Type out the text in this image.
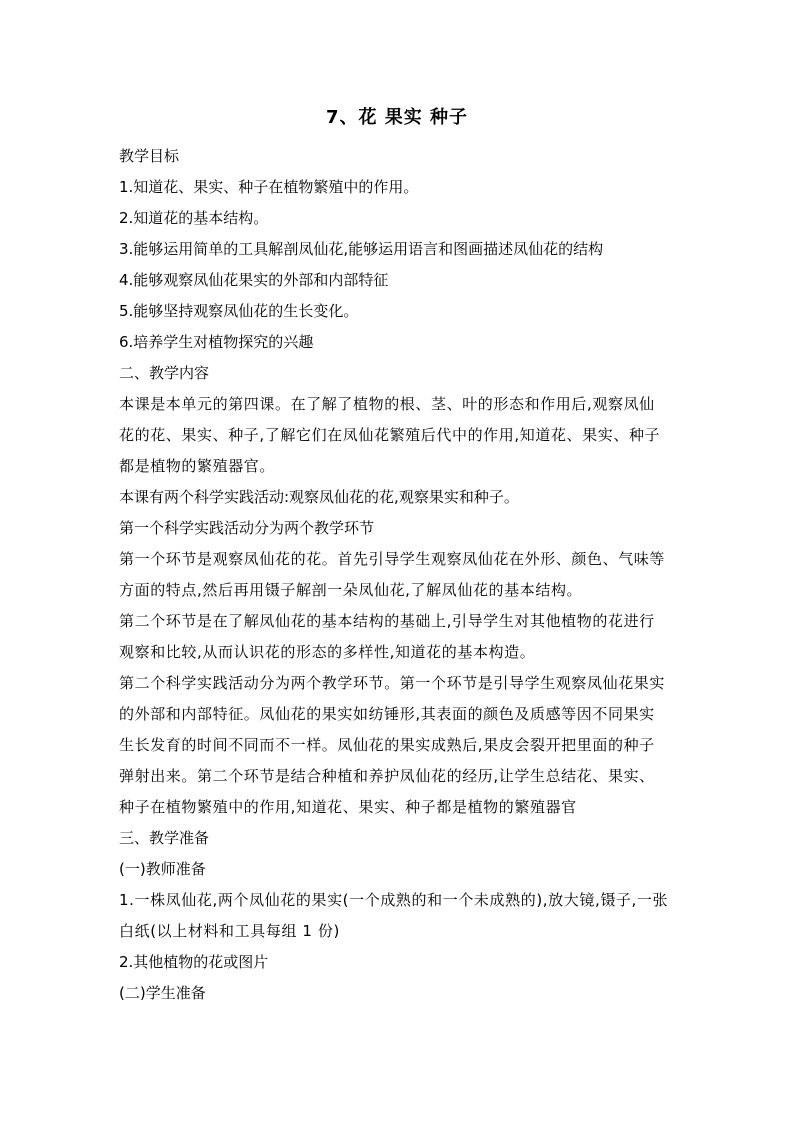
7、花 果实 种子
教学目标
1.知道花、果实、种子在植物繁殖中的作用。
2.知道花的基本结构。
3.能够运用简单的工具解剖凤仙花,能够运用语言和图画描述凤仙花的结构
4.能够观察凤仙花果实的外部和内部特征
5.能够坚持观察凤仙花的生长变化。
6.培养学生对植物探究的兴趣
二、教学内容
本课是本单元的第四课。在了解了植物的根、茎、叶的形态和作用后,观察凤仙
花的花、果实、种子,了解它们在凤仙花繁殖后代中的作用,知道花、果实、种子
都是植物的繁殖器官。
本课有两个科学实践活动:观察凤仙花的花,观察果实和种子。
第一个科学实践活动分为两个教学环节
第一个环节是观察凤仙花的花。首先引导学生观察凤仙花在外形、颜色、气味等
方面的特点,然后再用镊子解剖一朵凤仙花,了解凤仙花的基本结构。
第二个环节是在了解凤仙花的基本结构的基础上,引导学生对其他植物的花进行
观察和比较,从而认识花的形态的多样性,知道花的基本构造。
第二个科学实践活动分为两个教学环节。第一个环节是引导学生观察凤仙花果实
的外部和内部特征。凤仙花的果实如纺锤形,其表面的颜色及质感等因不同果实
生长发育的时间不同而不一样。凤仙花的果实成熟后,果皮会裂开把里面的种子
弹射出来。第二个环节是结合种植和养护凤仙花的经历,让学生总结花、果实、
种子在植物繁殖中的作用,知道花、果实、种子都是植物的繁殖器官
三、教学准备
(一)教师准备
1.一株凤仙花,两个凤仙花的果实(一个成熟的和一个未成熟的),放大镜,镊子,一张
白纸(以上材料和工具每组 1 份)
2.其他植物的花或图片
(二)学生准备
